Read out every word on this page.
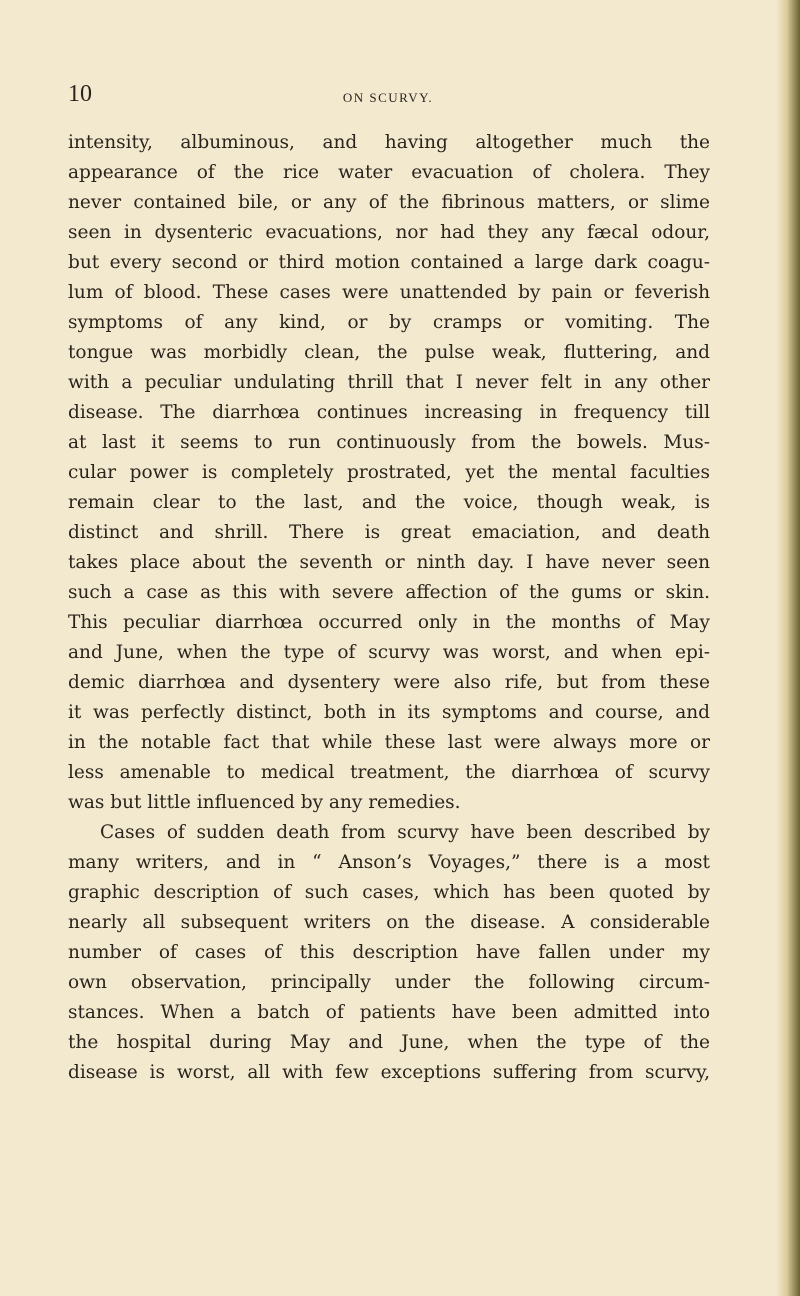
10	ON SCURVY.
intensity, albuminous, and having altogether much the
appearance of the rice water evacuation of cholera. They
never contained bile, or any of the fibrinous matters, or slime
seen in dysenteric evacuations, nor had they any fæcal odour,
but every second or third motion contained a large dark coagu-
lum of blood. These cases were unattended by pain or feverish
symptoms of any kind, or by cramps or vomiting. The
tongue was morbidly clean, the pulse weak, fluttering, and
with a peculiar undulating thrill that I never felt in any other
disease. The diarrhœa continues increasing in frequency till
at last it seems to run continuously from the bowels. Mus-
cular power is completely prostrated, yet the mental faculties
remain clear to the last, and the voice, though weak, is
distinct and shrill. There is great emaciation, and death
takes place about the seventh or ninth day. I have never seen
such a case as this with severe affection of the gums or skin.
This peculiar diarrhœa occurred only in the months of May
and June, when the type of scurvy was worst, and when epi-
demic diarrhœa and dysentery were also rife, but from these
it was perfectly distinct, both in its symptoms and course, and
in the notable fact that while these last were always more or
less amenable to medical treatment, the diarrhœa of scurvy
was but little influenced by any remedies.
Cases of sudden death from scurvy have been described by
many writers, and in “ Anson’s Voyages,” there is a most
graphic description of such cases, which has been quoted by
nearly all subsequent writers on the disease. A considerable
number of cases of this description have fallen under my
own observation, principally under the following circum-
stances. When a batch of patients have been admitted into
the hospital during May and June, when the type of the
disease is worst, all with few exceptions suffering from scurvy,
